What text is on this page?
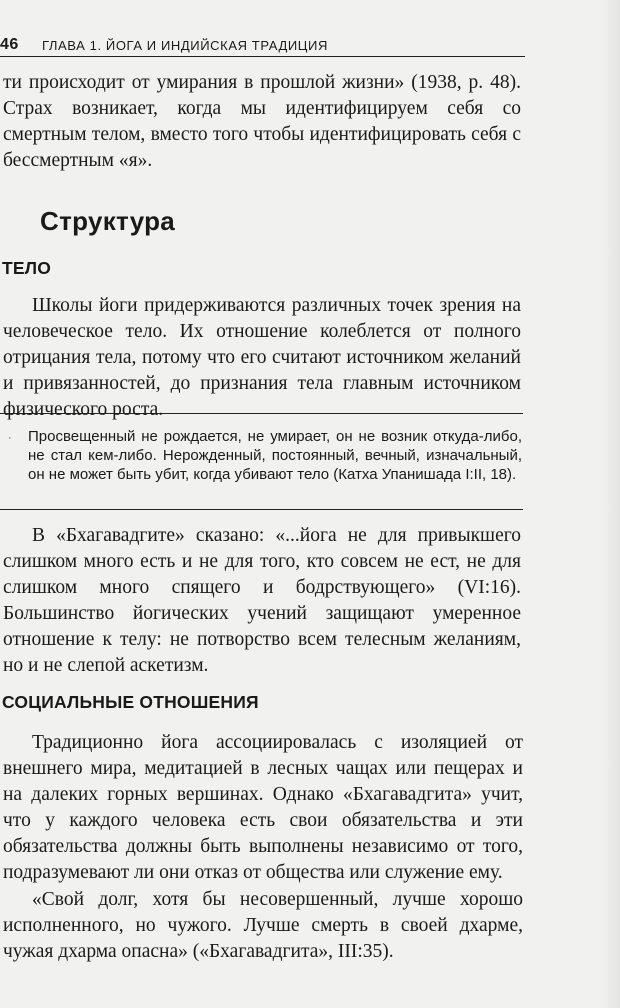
46 ГЛАВА 1. ЙОГА И ИНДИЙСКАЯ ТРАДИЦИЯ

ти происходит от умирания в прошлой жизни» (1938, р. 48). Страх возникает, когда мы идентифицируем себя со смертным телом, вместо того чтобы идентифицировать себя с бессмертным «я».

Структура
ТЕЛО

Школы йоги придерживаются различных точек зрения на человеческое тело. Их отношение колеблется от полного отрицания тела, потому что его считают источником желаний и привязанностей, до признания тела главным источником физического роста.

· Просвещенный не рождается, не умирает, он не возник откуда-либо, не стал кем-либо. Нерожденный, постоянный, вечный, изначальный, он не может быть убит, когда убивают тело (Катха Упанишада I:II, 18).

В «Бхагавадгите» сказано: «...йога не для привыкшего слишком много есть и не для того, кто совсем не ест, не для слишком много спящего и бодрствующего» (VI:16). Большинство йогических учений защищают умеренное отношение к телу: не потворство всем телесным желаниям, но и не слепой аскетизм.

СОЦИАЛЬНЫЕ ОТНОШЕНИЯ

Традиционно йога ассоциировалась с изоляцией от внешнего мира, медитацией в лесных чащах или пещерах и на далеких горных вершинах. Однако «Бхагавадгита» учит, что у каждого человека есть свои обязательства и эти обязательства должны быть выполнены независимо от того, подразумевают ли они отказ от общества или служение ему.

«Свой долг, хотя бы несовершенный, лучше хорошо исполненного, но чужого. Лучше смерть в своей дхарме, чужая дхарма опасна» («Бхагавадгита», III:35).
